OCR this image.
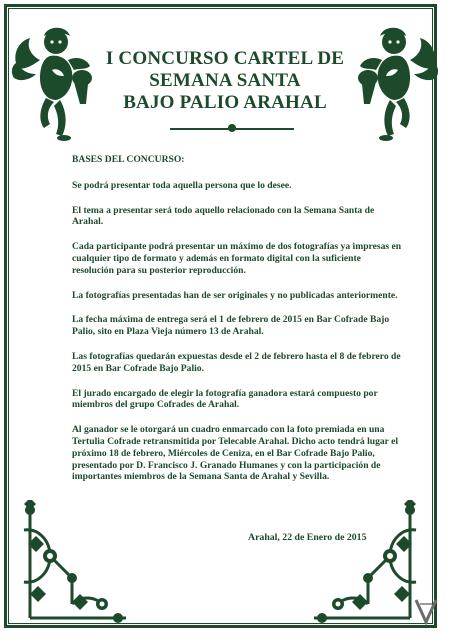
I CONCURSO CARTEL DE
SEMANA SANTA
BAJO PALIO ARAHAL

BASES DEL CONCURSO:

Se podrá presentar toda aquella persona que lo desee.

El tema a presentar será todo aquello relacionado con la Semana Santa de Arahal.

Cada participante podrá presentar un máximo de dos fotografías ya impresas en cualquier tipo de formato y además en formato digital con la suficiente resolución para su posterior reproducción.

La fotografías presentadas han de ser originales y no publicadas anteriormente.

La fecha máxima de entrega será el 1 de febrero de 2015 en Bar Cofrade Bajo Palio, sito en Plaza Vieja número 13 de Arahal.

Las fotografías quedarán expuestas desde el 2 de febrero hasta el 8 de febrero de 2015 en Bar Cofrade Bajo Palio.

El jurado encargado de elegir la fotografía ganadora estará compuesto por miembros del grupo Cofrades de Arahal.

Al ganador se le otorgará un cuadro enmarcado con la foto premiada en una Tertulia Cofrade retransmitida por Telecable Arahal. Dicho acto tendrá lugar el próximo 18 de febrero, Miércoles de Ceniza, en el Bar Cofrade Bajo Palio, presentado por D. Francisco J. Granado Humanes y con la participación de importantes miembros de la Semana Santa de Arahal y Sevilla.

Arahal, 22 de Enero de 2015
